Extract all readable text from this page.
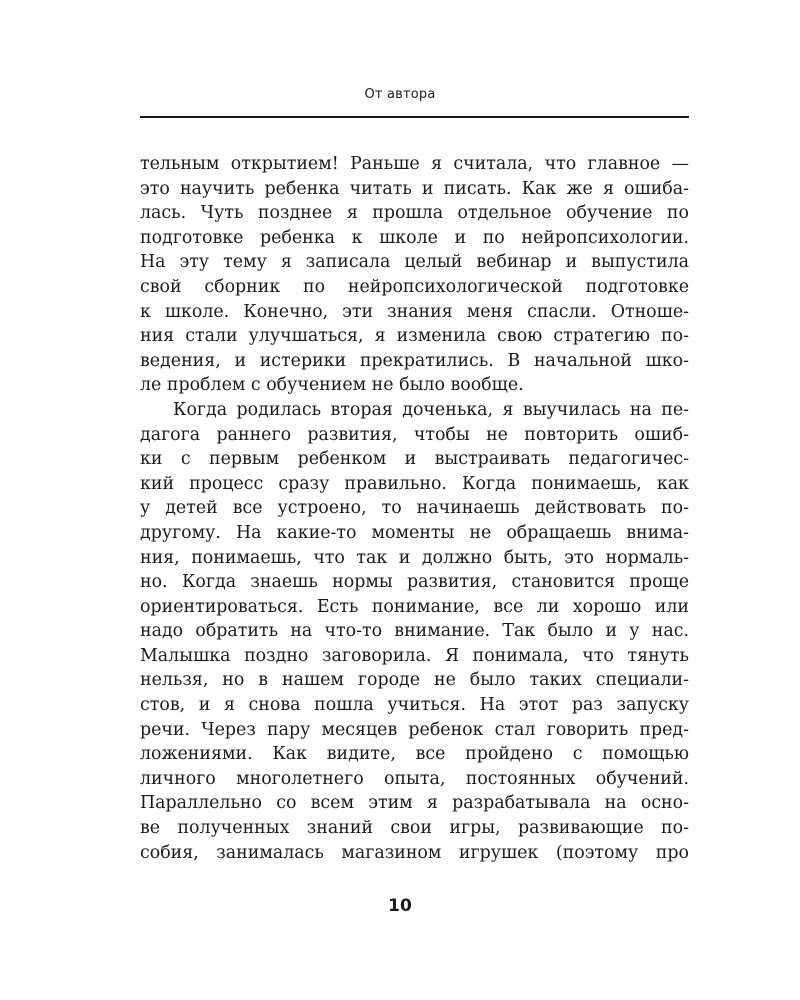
От автора
тельным открытием! Раньше я считала, что главное —
это научить ребенка читать и писать. Как же я ошиба-
лась. Чуть позднее я прошла отдельное обучение по
подготовке ребенка к школе и по нейропсихологии.
На эту тему я записала целый вебинар и выпустила
свой сборник по нейропсихологической подготовке
к школе. Конечно, эти знания меня спасли. Отноше-
ния стали улучшаться, я изменила свою стратегию по-
ведения, и истерики прекратились. В начальной шко-
ле проблем с обучением не было вообще.
Когда родилась вторая доченька, я выучилась на пе-
дагога раннего развития, чтобы не повторить ошиб-
ки с первым ребенком и выстраивать педагогичес-
кий процесс сразу правильно. Когда понимаешь, как
у детей все устроено, то начинаешь действовать по-
другому. На какие-то моменты не обращаешь внима-
ния, понимаешь, что так и должно быть, это нормаль-
но. Когда знаешь нормы развития, становится проще
ориентироваться. Есть понимание, все ли хорошо или
надо обратить на что-то внимание. Так было и у нас.
Малышка поздно заговорила. Я понимала, что тянуть
нельзя, но в нашем городе не было таких специали-
стов, и я снова пошла учиться. На этот раз запуску
речи. Через пару месяцев ребенок стал говорить пред-
ложениями. Как видите, все пройдено с помощью
личного многолетнего опыта, постоянных обучений.
Параллельно со всем этим я разрабатывала на осно-
ве полученных знаний свои игры, развивающие по-
собия, занималась магазином игрушек (поэтому про
10
